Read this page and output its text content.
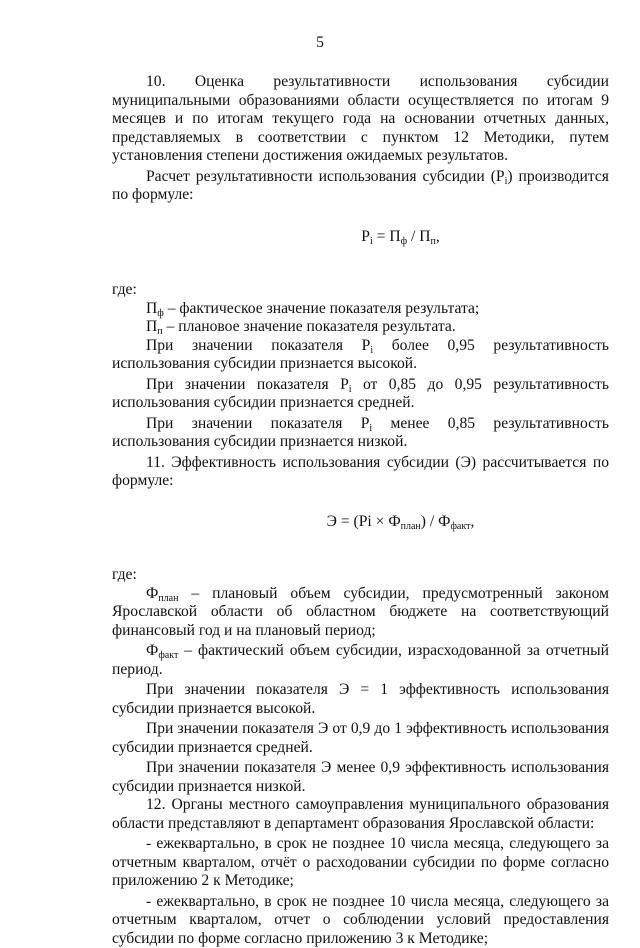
5

10. Оценка результативности использования субсидии муниципальными образованиями области осуществляется по итогам 9 месяцев и по итогам текущего года на основании отчетных данных, представляемых в соответствии с пунктом 12 Методики, путем установления степени достижения ожидаемых результатов.

Расчет результативности использования субсидии $(P_i)$ производится по формуле:

$P_i = П_ф / П_п$,

где:

$П_ф$ – фактическое значение показателя результата;

$П_п$ – плановое значение показателя результата.

При значении показателя $P_i$ более 0,95 результативность использования субсидии признается высокой.

При значении показателя $P_i$ от 0,85 до 0,95 результативность использования субсидии признается средней.

При значении показателя $P_i$ менее 0,85 результативность использования субсидии признается низкой.

11. Эффективность использования субсидии (Э) рассчитывается по формуле:

$Э = (Pi \times Ф_{план}) / Ф_{факт}$,

где:

$Ф_{план}$ – плановый объем субсидии, предусмотренный законом Ярославской области об областном бюджете на соответствующий финансовый год и на плановый период;

$Ф_{факт}$ – фактический объем субсидии, израсходованной за отчетный период.

При значении показателя Э = 1 эффективность использования субсидии признается высокой.

При значении показателя Э от 0,9 до 1 эффективность использования субсидии признается средней.

При значении показателя Э менее 0,9 эффективность использования субсидии признается низкой.

12. Органы местного самоуправления муниципального образования области представляют в департамент образования Ярославской области:

- ежеквартально, в срок не позднее 10 числа месяца, следующего за отчетным кварталом, отчёт о расходовании субсидии по форме согласно приложению 2 к Методике;

- ежеквартально, в срок не позднее 10 числа месяца, следующего за отчетным кварталом, отчет о соблюдении условий предоставления субсидии по форме согласно приложению 3 к Методике;
